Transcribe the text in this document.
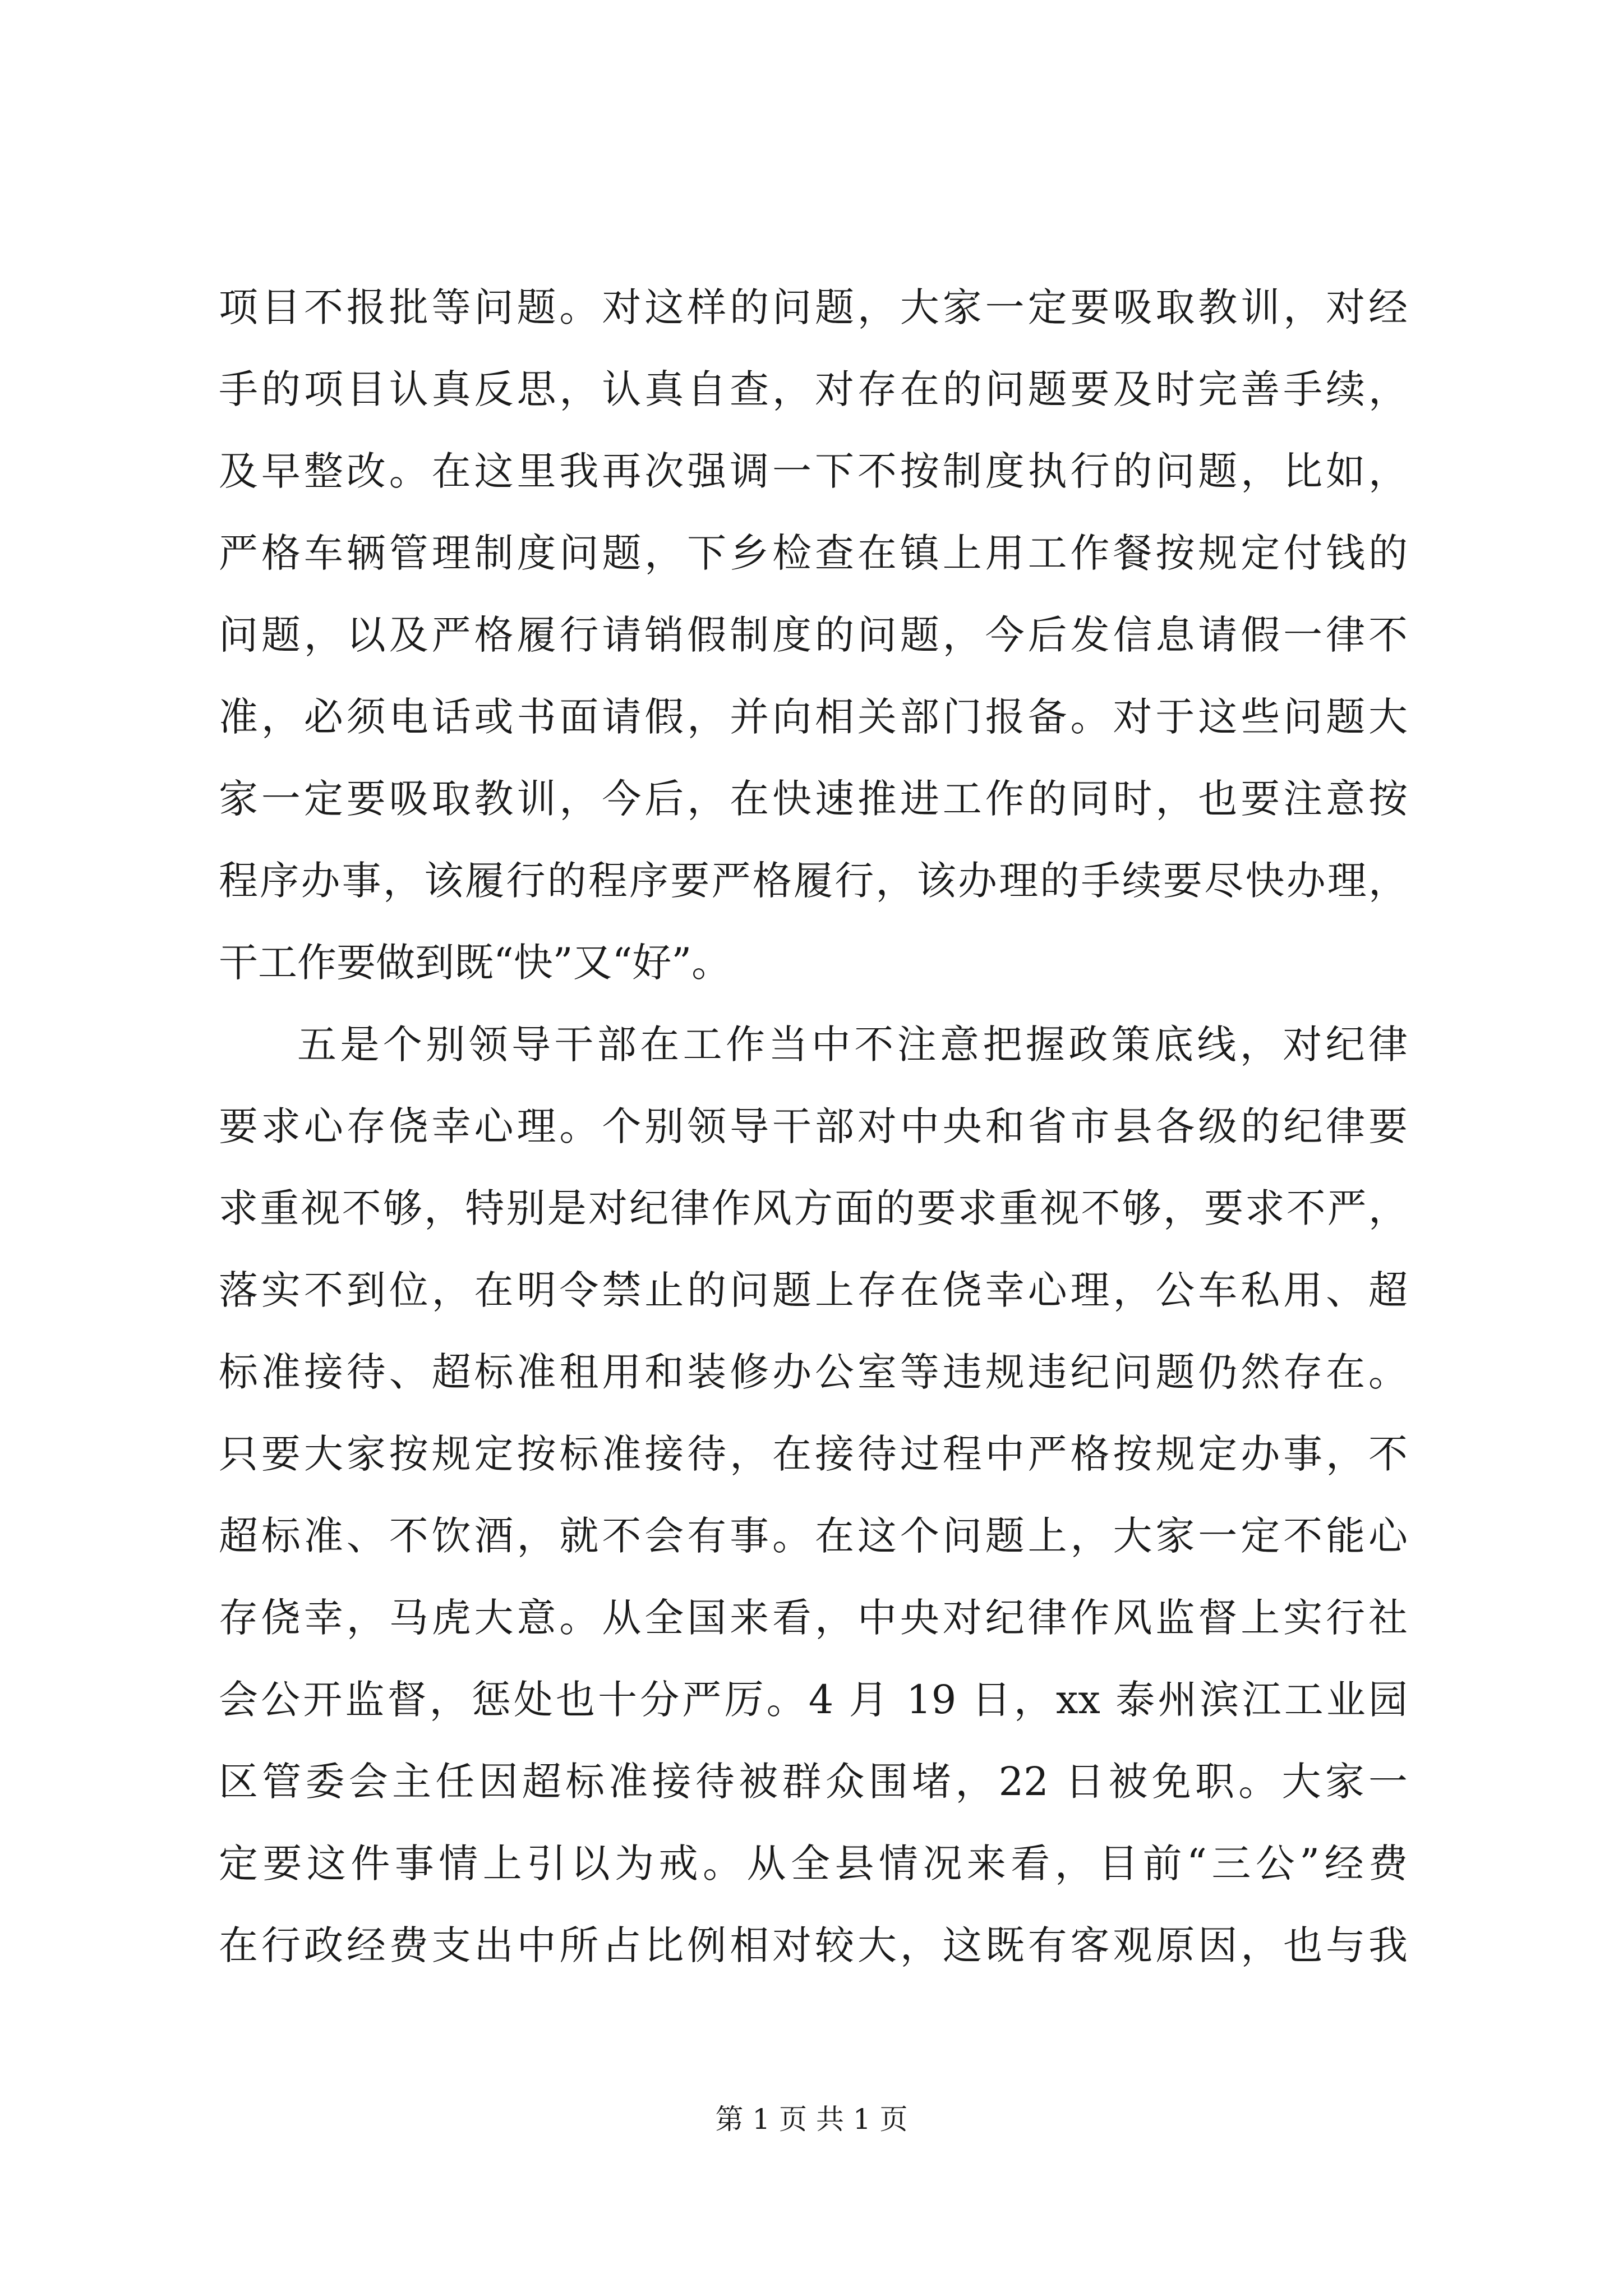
项目不报批等问题。对这样的问题，大家一定要吸取教训，对经
手的项目认真反思，认真自查，对存在的问题要及时完善手续，
及早整改。在这里我再次强调一下不按制度执行的问题，比如，
严格车辆管理制度问题，下乡检查在镇上用工作餐按规定付钱的
问题，以及严格履行请销假制度的问题，今后发信息请假一律不
准，必须电话或书面请假，并向相关部门报备。对于这些问题大
家一定要吸取教训，今后，在快速推进工作的同时，也要注意按
程序办事，该履行的程序要严格履行，该办理的手续要尽快办理，
干工作要做到既“快”又“好”。
五是个别领导干部在工作当中不注意把握政策底线，对纪律
要求心存侥幸心理。个别领导干部对中央和省市县各级的纪律要
求重视不够，特别是对纪律作风方面的要求重视不够，要求不严，
落实不到位，在明令禁止的问题上存在侥幸心理，公车私用、超
标准接待、超标准租用和装修办公室等违规违纪问题仍然存在。
只要大家按规定按标准接待，在接待过程中严格按规定办事，不
超标准、不饮酒，就不会有事。在这个问题上，大家一定不能心
存侥幸，马虎大意。从全国来看，中央对纪律作风监督上实行社
会公开监督，惩处也十分严厉。4 月 19 日，xx 泰州滨江工业园
区管委会主任因超标准接待被群众围堵，22 日被免职。大家一
定要这件事情上引以为戒。从全县情况来看，目前“三公”经费
在行政经费支出中所占比例相对较大，这既有客观原因，也与我
第 1 页 共 1 页
